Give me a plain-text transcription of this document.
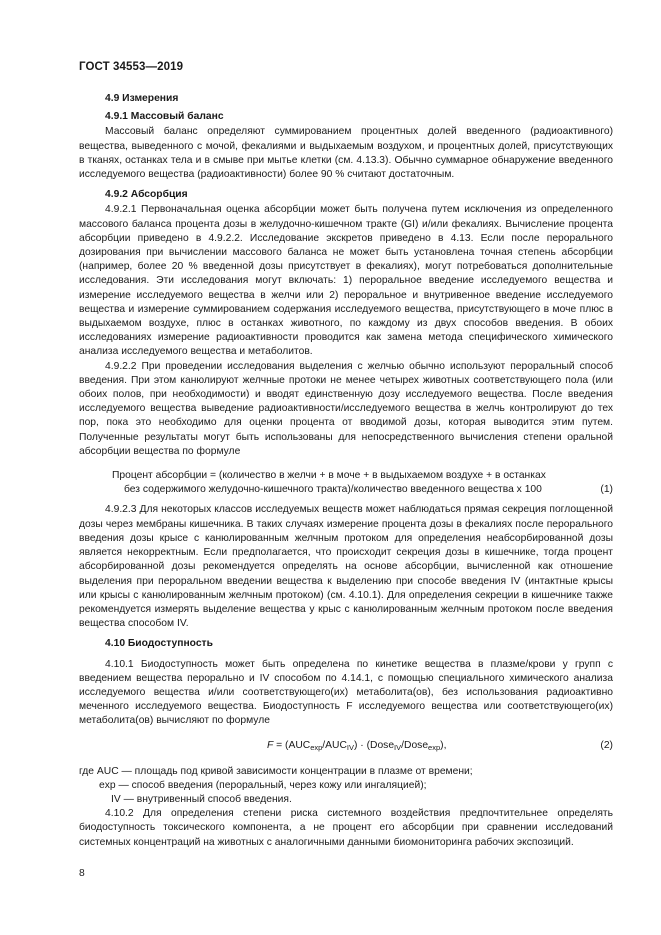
ГОСТ 34553—2019
4.9 Измерения
4.9.1 Массовый баланс

Массовый баланс определяют суммированием процентных долей введенного (радиоактивного) вещества, выведенного с мочой, фекалиями и выдыхаемым воздухом, и процентных долей, присутствующих в тканях, останках тела и в смыве при мытье клетки (см. 4.13.3). Обычно суммарное обнаружение введенного исследуемого вещества (радиоактивности) более 90 % считают достаточным.

4.9.2 Абсорбция

4.9.2.1 Первоначальная оценка абсорбции может быть получена путем исключения из определенного массового баланса процента дозы в желудочно-кишечном тракте (GI) и/или фекалиях. Вычисление процента абсорбции приведено в 4.9.2.2. Исследование экскретов приведено в 4.13. Если после перорального дозирования при вычислении массового баланса не может быть установлена точная степень абсорбции (например, более 20 % введенной дозы присутствует в фекалиях), могут потребоваться дополнительные исследования. Эти исследования могут включать: 1) пероральное введение исследуемого вещества и измерение исследуемого вещества в желчи или 2) пероральное и внутривенное введение исследуемого вещества и измерение суммированием содержания исследуемого вещества, присутствующего в моче плюс в выдыхаемом воздухе, плюс в останках животного, по каждому из двух способов введения. В обоих исследованиях измерение радиоактивности проводится как замена метода специфического химического анализа исследуемого вещества и метаболитов.

4.9.2.2 При проведении исследования выделения с желчью обычно используют пероральный способ введения. При этом канюлируют желчные протоки не менее четырех животных соответствующего пола (или обоих полов, при необходимости) и вводят единственную дозу исследуемого вещества. После введения исследуемого вещества выведение радиоактивности/исследуемого вещества в желчь контролируют до тех пор, пока это необходимо для оценки процента от вводимой дозы, которая выводится этим путем. Полученные результаты могут быть использованы для непосредственного вычисления степени оральной абсорбции вещества по формуле

Процент абсорбции = (количество в желчи + в моче + в выдыхаемом воздухе + в останках
без содержимого желудочно-кишечного тракта)/количество введенного вещества x 100	(1)

4.9.2.3 Для некоторых классов исследуемых веществ может наблюдаться прямая секреция поглощенной дозы через мембраны кишечника. В таких случаях измерение процента дозы в фекалиях после перорального введения дозы крысе с канюлированным желчным протоком для определения неабсорбированной дозы является некорректным. Если предполагается, что происходит секреция дозы в кишечнике, тогда процент абсорбированной дозы рекомендуется определять на основе абсорбции, вычисленной как отношение выделения при пероральном введении вещества к выделению при способе введения IV (интактные крысы или крысы с канюлированным желчным протоком) (см. 4.10.1). Для определения секреции в кишечнике также рекомендуется измерять выделение вещества у крыс с канюлированным желчным протоком после введения вещества способом IV.

4.10 Биодоступность

4.10.1 Биодоступность может быть определена по кинетике вещества в плазме/крови у групп с введением вещества перорально и IV способом по 4.14.1, с помощью специального химического анализа исследуемого вещества и/или соответствующего(их) метаболита(ов), без использования радиоактивно меченного исследуемого вещества. Биодоступность F исследуемого вещества или соответствующего(их) метаболита(ов) вычисляют по формуле

$F = (AUC_{exp}/AUC_{IV})$ · (Dose$_{IV}$/Dose$_{exp}$),	(2)
где AUC — площадь под кривой зависимости концентрации в плазме от времени;
exp — способ введения (пероральный, через кожу или ингаляцией);
IV — внутривенный способ введения.

4.10.2 Для определения степени риска системного воздействия предпочтительнее определять биодоступность токсического компонента, а не процент его абсорбции при сравнении исследований системных концентраций на животных с аналогичными данными биомониторинга рабочих экспозиций.

8
